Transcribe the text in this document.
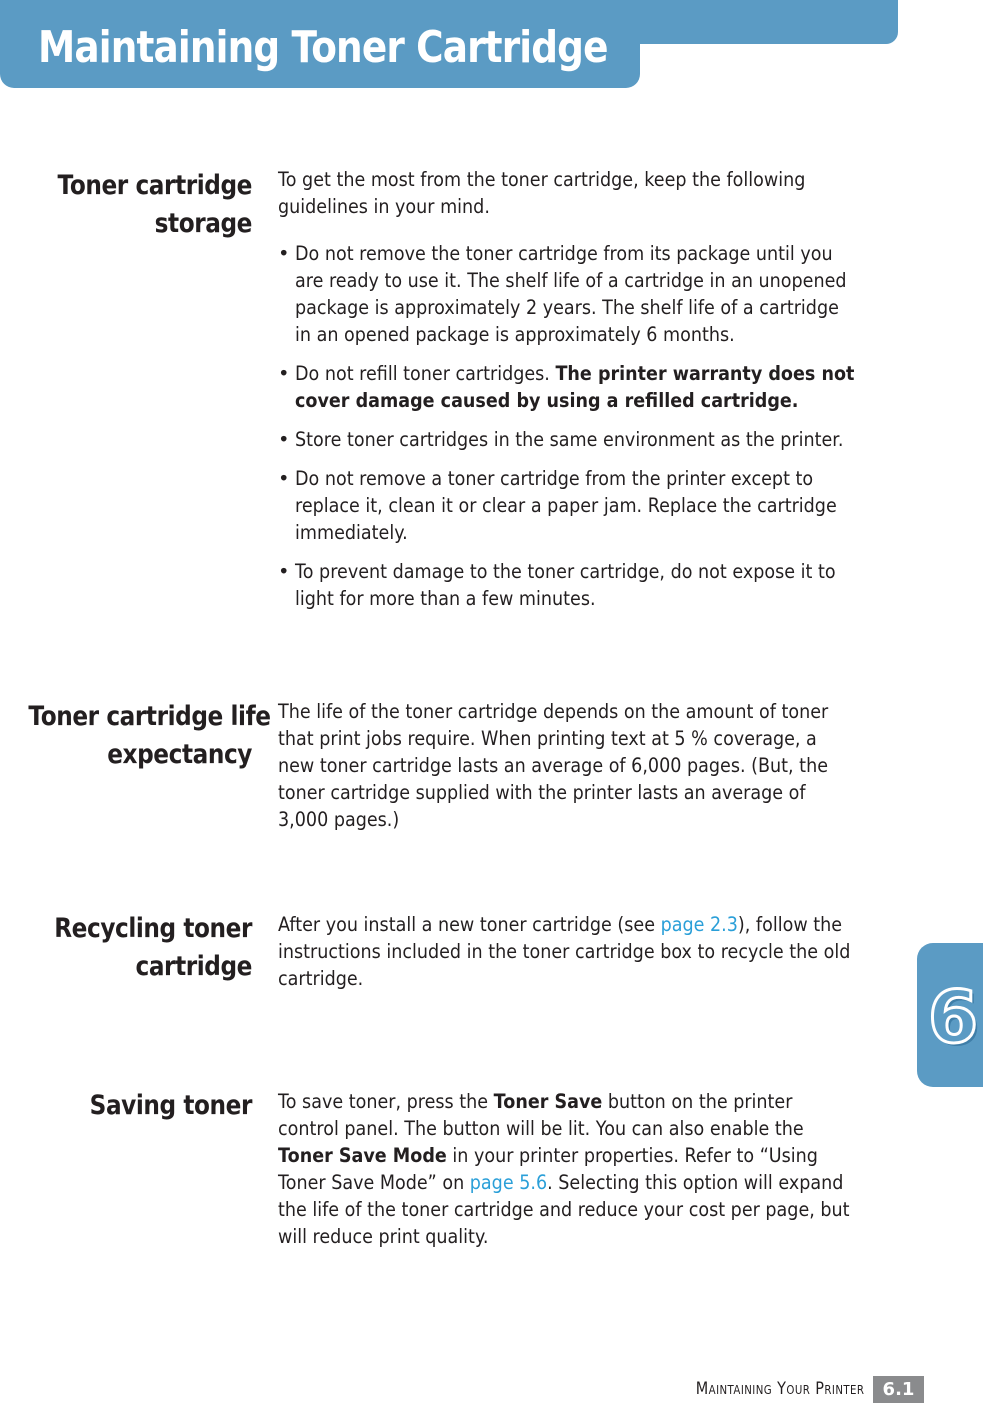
Maintaining Toner Cartridge
Toner cartridge
storage

To get the most from the toner cartridge, keep the following

guidelines in your mind.

• Do not remove the toner cartridge from its package until you
are ready to use it. The shelf life of a cartridge in an unopened
package is approximately 2 years. The shelf life of a cartridge
in an opened package is approximately 6 months.
• Do not refill toner cartridges. The printer warranty does not
cover damage caused by using a refilled cartridge.
• Store toner cartridges in the same environment as the printer.
• Do not remove a toner cartridge from the printer except to
replace it, clean it or clear a paper jam. Replace the cartridge
immediately.
• To prevent damage to the toner cartridge, do not expose it to
light for more than a few minutes.
Toner cartridge life
expectancy

The life of the toner cartridge depends on the amount of toner

that print jobs require. When printing text at 5 % coverage, a

new toner cartridge lasts an average of 6,000 pages. (But, the

toner cartridge supplied with the printer lasts an average of

3,000 pages.)

Recycling toner
cartridge

After you install a new toner cartridge (see page 2.3), follow the

instructions included in the toner cartridge box to recycle the old

cartridge.

Saving toner To save toner, press the Toner Save button on the printer

control panel. The button will be lit. You can also enable the

Toner Save Mode in your printer properties. Refer to “Using

Toner Save Mode” on page 5.6. Selecting this option will expand

the life of the toner cartridge and reduce your cost per page, but

will reduce print quality.

6
Maintaining Your Printer	6.1
